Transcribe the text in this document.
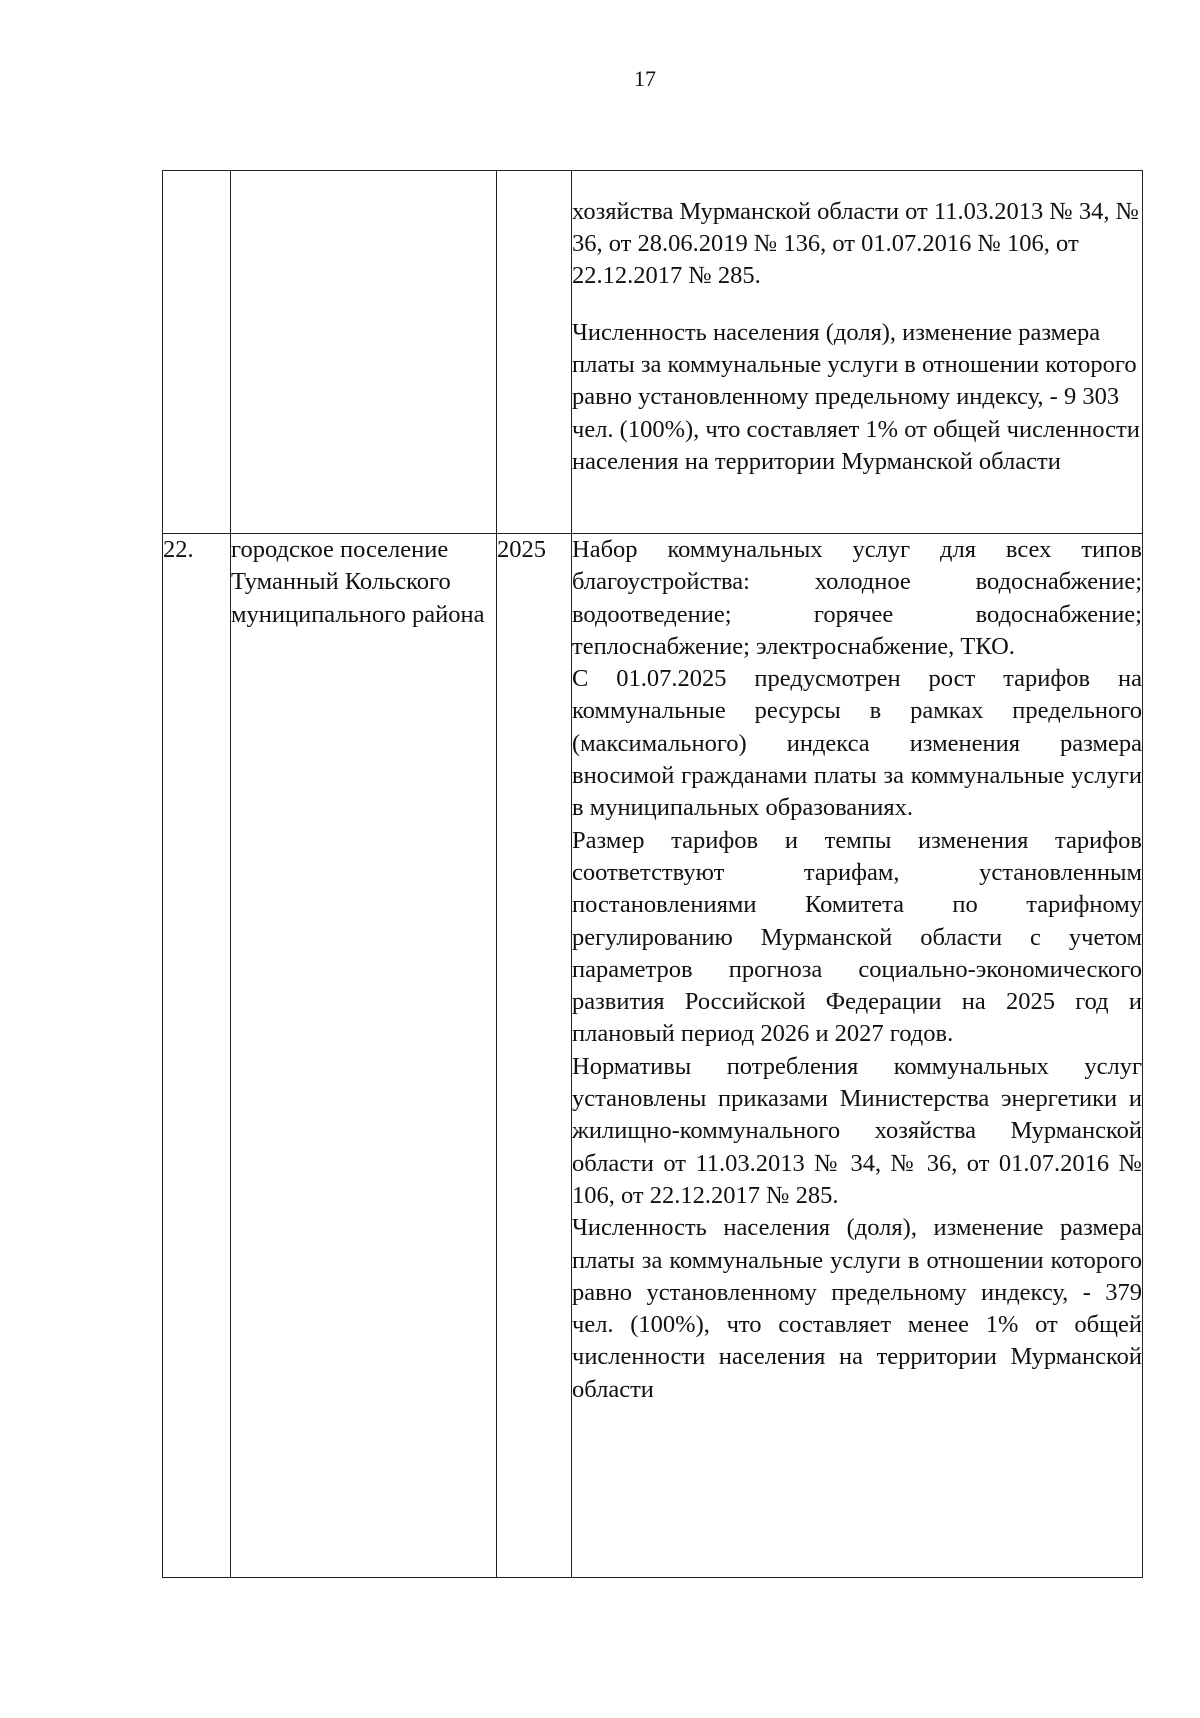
17

			хозяйства Мурманской области от 11.03.2013 № 34, № 36, от 28.06.2019 № 136, от 01.07.2016 № 106, от 22.12.2017 № 285.

Численность населения (доля), изменение размера платы за коммунальные услуги в отношении которого равно установленному предельному индексу, - 9 303 чел. (100%), что составляет 1% от общей численности населения на территории Мурманской области

22.	городское поселение Туманный Кольского муниципального района	2025	Набор коммунальных услуг для всех типов благоустройства: холодное водоснабжение; водоотведение; горячее водоснабжение; теплоснабжение; электроснабжение, ТКО.

С 01.07.2025 предусмотрен рост тарифов на коммунальные ресурсы в рамках предельного (максимального) индекса изменения размера вносимой гражданами платы за коммунальные услуги в муниципальных образованиях.

Размер тарифов и темпы изменения тарифов соответствуют тарифам, установленным постановлениями Комитета по тарифному регулированию Мурманской области с учетом параметров прогноза социально-экономического развития Российской Федерации на 2025 год и плановый период 2026 и 2027 годов.

Нормативы потребления коммунальных услуг установлены приказами Министерства энергетики и жилищно-коммунального хозяйства Мурманской области от 11.03.2013 № 34, № 36, от 01.07.2016 № 106, от 22.12.2017 № 285.

Численность населения (доля), изменение размера платы за коммунальные услуги в отношении которого равно установленному предельному индексу, - 379 чел. (100%), что составляет менее 1% от общей численности населения на территории Мурманской области
